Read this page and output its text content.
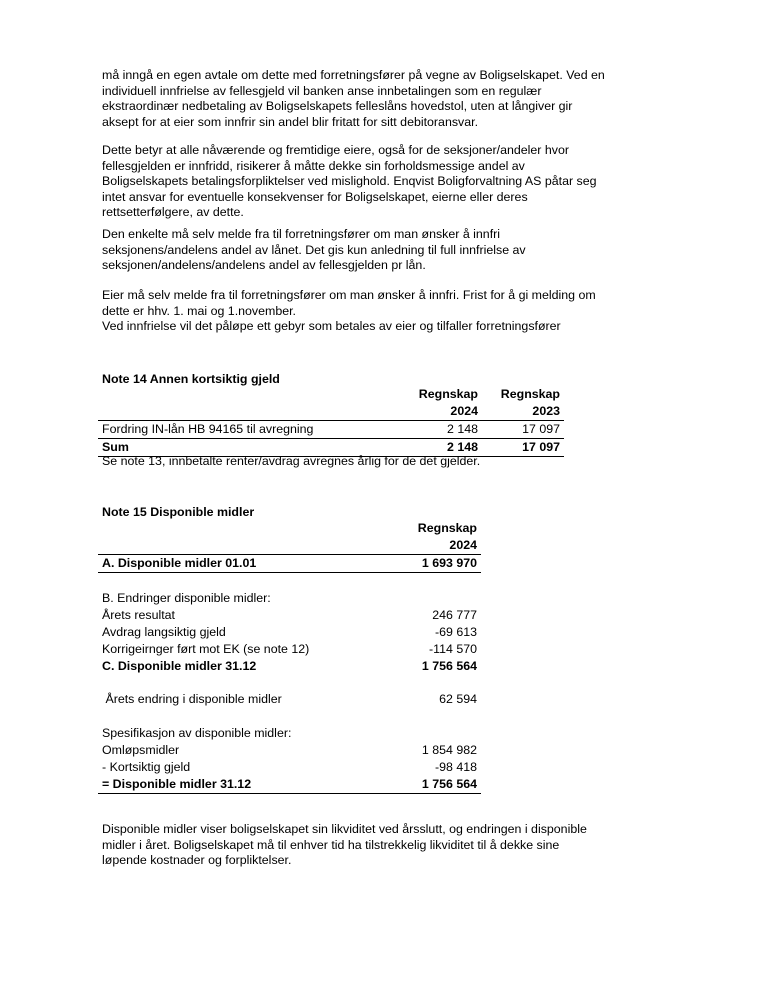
må inngå en egen avtale om dette med forretningsfører på vegne av Boligselskapet. Ved en
individuell innfrielse av fellesgjeld vil banken anse innbetalingen som en regulær
ekstraordinær nedbetaling av Boligselskapets felleslåns hovedstol, uten at långiver gir
aksept for at eier som innfrir sin andel blir fritatt for sitt debitoransvar.

Dette betyr at alle nåværende og fremtidige eiere, også for de seksjoner/andeler hvor
fellesgjelden er innfridd, risikerer å måtte dekke sin forholdsmessige andel av
Boligselskapets betalingsforpliktelser ved mislighold. Enqvist Boligforvaltning AS påtar seg
intet ansvar for eventuelle konsekvenser for Boligselskapet, eierne eller deres
rettsetterfølgere, av dette.

Den enkelte må selv melde fra til forretningsfører om man ønsker å innfri
seksjonens/andelens andel av lånet. Det gis kun anledning til full innfrielse av
seksjonen/andelens/andelens andel av fellesgjelden pr lån.

Eier må selv melde fra til forretningsfører om man ønsker å innfri. Frist for å gi melding om
dette er hhv. 1. mai og 1.november.
Ved innfrielse vil det påløpe ett gebyr som betales av eier og tilfaller forretningsfører

Note 14 Annen kortsiktig gjeld
Regnskap Regnskap
2024	2023
Fordring IN-lån HB 94165 til avregning	2 148	17 097
Sum	2 148	17 097
Se note 13, innbetalte renter/avdrag avregnes årlig for de det gjelder.
Note 15 Disponible midler
Regnskap
2024
A. Disponible midler 01.01	1 693 970
B. Endringer disponible midler:
Årets resultat	246 777
Avdrag langsiktig gjeld	-69 613
Korrigeirnger ført mot EK (se note 12)	-114 570
C. Disponible midler 31.12	1 756 564
Årets endring i disponible midler	62 594
Spesifikasjon av disponible midler:
Omløpsmidler	1 854 982
- Kortsiktig gjeld	-98 418
= Disponible midler 31.12	1 756 564

Disponible midler viser boligselskapet sin likviditet ved årsslutt, og endringen i disponible
midler i året. Boligselskapet må til enhver tid ha tilstrekkelig likviditet til å dekke sine
løpende kostnader og forpliktelser.
